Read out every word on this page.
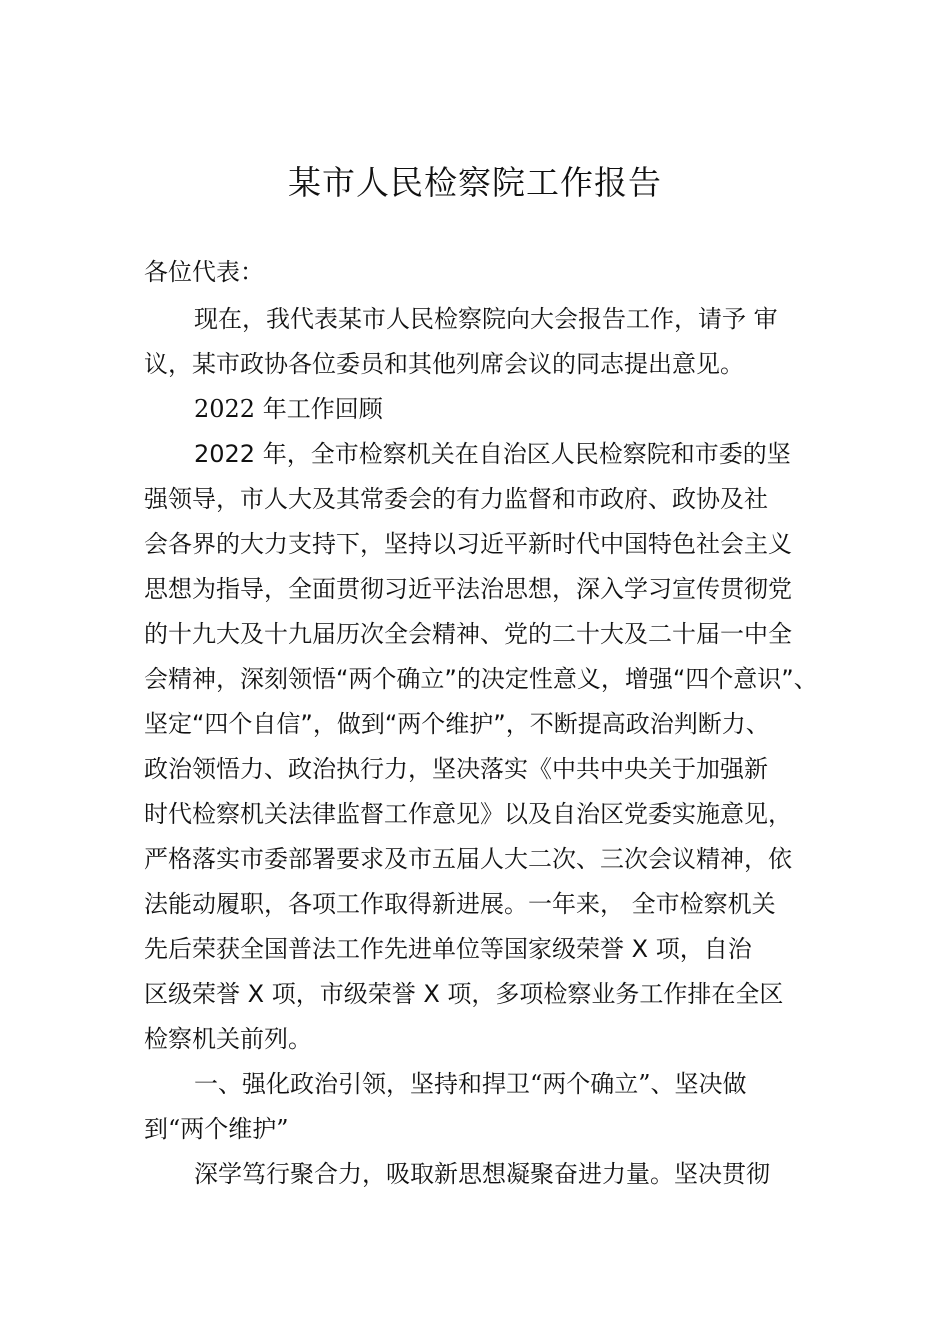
某市人民检察院工作报告
各位代表：
现在，我代表某市人民检察院向大会报告工作，请予 审
议，某市政协各位委员和其他列席会议的同志提出意见。
2022 年工作回顾
2022 年，全市检察机关在自治区人民检察院和市委的坚
强领导，市人大及其常委会的有力监督和市政府、政协及社
会各界的大力支持下，坚持以习近平新时代中国特色社会主义
思想为指导，全面贯彻习近平法治思想，深入学习宣传贯彻党
的十九大及十九届历次全会精神、党的二十大及二十届一中全
会精神，深刻领悟“两个确立”的决定性意义，增强“四个意识”、
坚定“四个自信”，做到“两个维护”，不断提高政治判断力、
政治领悟力、政治执行力，坚决落实《中共中央关于加强新
时代检察机关法律监督工作意见》以及自治区党委实施意见，
严格落实市委部署要求及市五届人大二次、三次会议精神，依
法能动履职，各项工作取得新进展。一年来， 全市检察机关
先后荣获全国普法工作先进单位等国家级荣誉 X 项，自治
区级荣誉 X 项，市级荣誉 X 项，多项检察业务工作排在全区
检察机关前列。
一、强化政治引领，坚持和捍卫“两个确立”、坚决做
到“两个维护”
深学笃行聚合力，吸取新思想凝聚奋进力量。坚决贯彻
